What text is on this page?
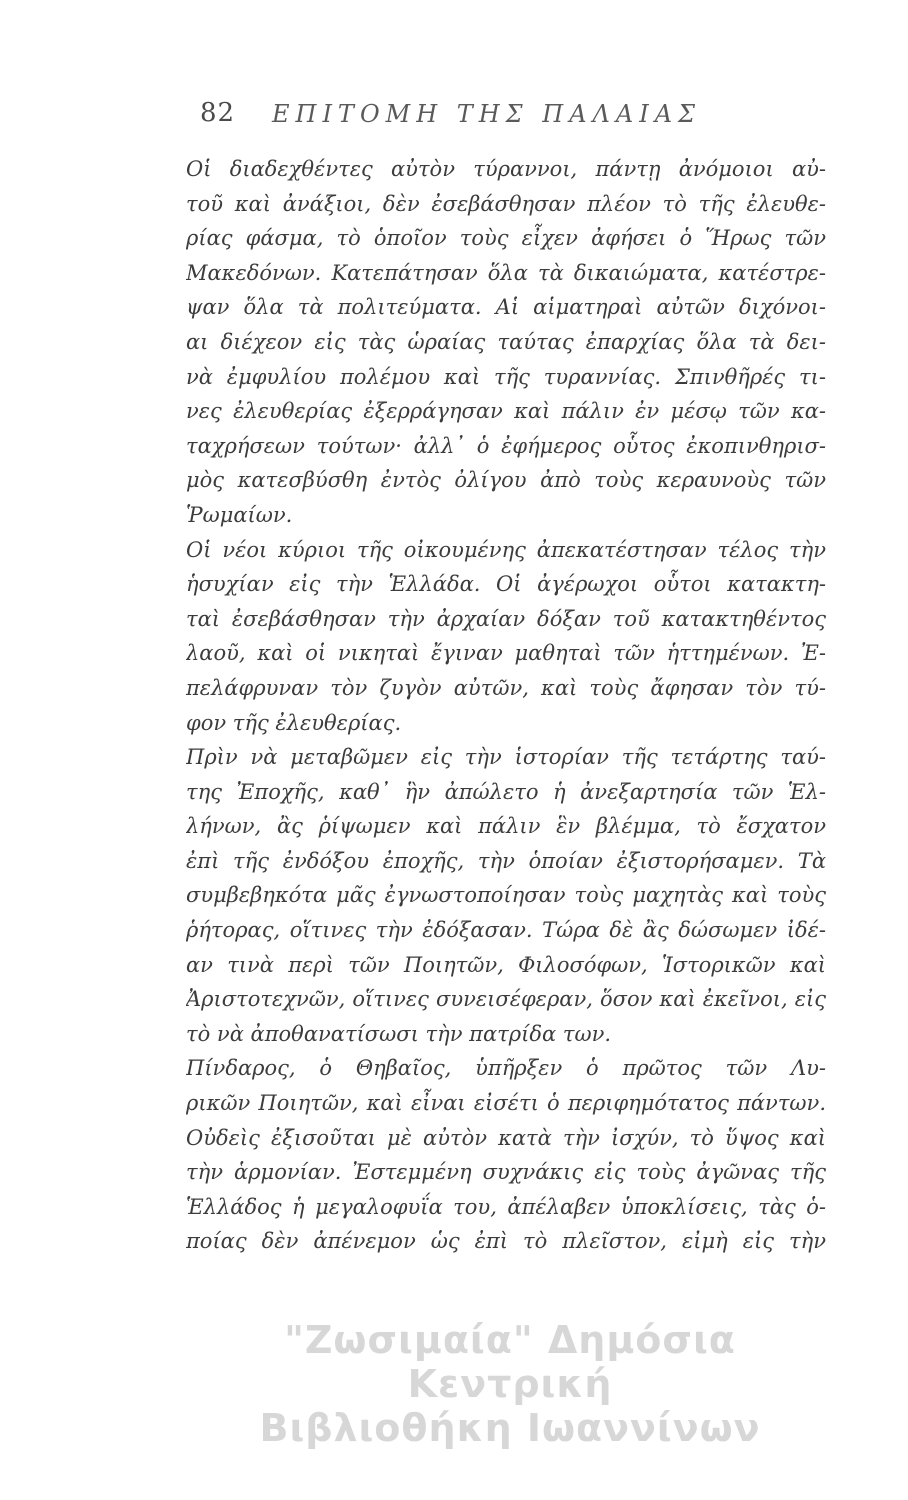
82 ΕΠΙΤΟΜΗ ΤΗΣ ΠΑΛΑΙΑΣ
Οἱ διαδεχθέντες αὐτὸν τύραννοι, πάντῃ ἀνόμοιοι αὐ-
τοῦ καὶ ἀνάξιοι, δὲν ἐσεβάσθησαν πλέον τὸ τῆς ἐλευθε-
ρίας φάσμα, τὸ ὁποῖον τοὺς εἶχεν ἀφήσει ὁ Ἥρως τῶν
Μακεδόνων. Κατεπάτησαν ὅλα τὰ δικαιώματα, κατέστρε-
ψαν ὅλα τὰ πολιτεύματα. Αἱ αἱματηραὶ αὐτῶν διχόνοι-
αι διέχεον εἰς τὰς ὡραίας ταύτας ἐπαρχίας ὅλα τὰ δει-
νὰ ἐμφυλίου πολέμου καὶ τῆς τυραννίας. Σπινθῆρές τι-
νες ἐλευθερίας ἐξερράγησαν καὶ πάλιν ἐν μέσῳ τῶν κα-
ταχρήσεων τούτων· ἀλλ᾽ ὁ ἐφήμερος οὗτος ἐκοπινθηρισ-
μὸς κατεσβύσθη ἐντὸς ὀλίγου ἀπὸ τοὺς κεραυνοὺς τῶν
Ῥωμαίων.
Οἱ νέοι κύριοι τῆς οἰκουμένης ἀπεκατέστησαν τέλος τὴν
ἡσυχίαν εἰς τὴν Ἑλλάδα. Οἱ ἀγέρωχοι οὗτοι κατακτη-
ταὶ ἐσεβάσθησαν τὴν ἀρχαίαν δόξαν τοῦ κατακτηθέντος
λαοῦ, καὶ οἱ νικηταὶ ἔγιναν μαθηταὶ τῶν ἡττημένων. Ἐ-
πελάφρυναν τὸν ζυγὸν αὐτῶν, καὶ τοὺς ἄφησαν τὸν τύ-
φον τῆς ἐλευθερίας.
Πρὶν νὰ μεταβῶμεν εἰς τὴν ἱστορίαν τῆς τετάρτης ταύ-
της Ἐποχῆς, καθ᾽ ἣν ἀπώλετο ἡ ἀνεξαρτησία τῶν Ἑλ-
λήνων, ἂς ῥίψωμεν καὶ πάλιν ἓν βλέμμα, τὸ ἔσχατον
ἐπὶ τῆς ἐνδόξου ἐποχῆς, τὴν ὁποίαν ἐξιστορήσαμεν. Τὰ
συμβεβηκότα μᾶς ἐγνωστοποίησαν τοὺς μαχητὰς καὶ τοὺς
ῥήτορας, οἵτινες τὴν ἐδόξασαν. Τώρα δὲ ἂς δώσωμεν ἰδέ-
αν τινὰ περὶ τῶν Ποιητῶν, Φιλοσόφων, Ἱστορικῶν καὶ
Ἀριστοτεχνῶν, οἵτινες συνεισέφεραν, ὅσον καὶ ἐκεῖνοι, εἰς
τὸ νὰ ἀποθανατίσωσι τὴν πατρίδα των.
Πίνδαρος, ὁ Θηβαῖος, ὑπῆρξεν ὁ πρῶτος τῶν Λυ-
ρικῶν Ποιητῶν, καὶ εἶναι εἰσέτι ὁ περιφημότατος πάντων.
Οὐδεὶς ἐξισοῦται μὲ αὐτὸν κατὰ τὴν ἰσχύν, τὸ ὕψος καὶ
τὴν ἁρμονίαν. Ἐστεμμένη συχνάκις εἰς τοὺς ἀγῶνας τῆς
Ἑλλάδος ἡ μεγαλοφυΐα του, ἀπέλαβεν ὑποκλίσεις, τὰς ὁ-
ποίας δὲν ἀπένεμον ὡς ἐπὶ τὸ πλεῖστον, εἰμὴ εἰς τὴν
"Ζωσιμαία" Δημόσια Κεντρική
Βιβλιοθήκη Ιωαννίνων
